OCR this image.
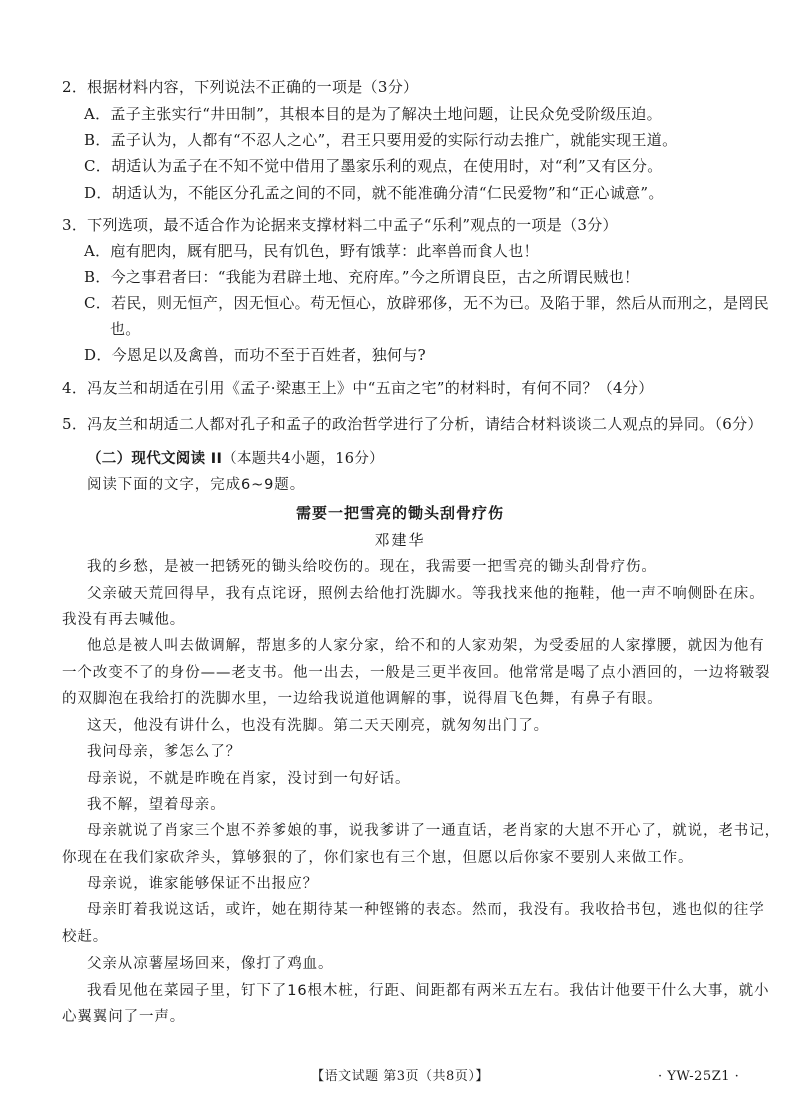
2．根据材料内容，下列说法不正确的一项是（3分）
A．孟子主张实行“井田制”，其根本目的是为了解决土地问题，让民众免受阶级压迫。
B．孟子认为，人都有“不忍人之心”，君王只要用爱的实际行动去推广，就能实现王道。
C．胡适认为孟子在不知不觉中借用了墨家乐利的观点，在使用时，对“利”又有区分。
D．胡适认为，不能区分孔孟之间的不同，就不能准确分清“仁民爱物”和“正心诚意”。
3．下列选项，最不适合作为论据来支撑材料二中孟子“乐利”观点的一项是（3分）
A．庖有肥肉，厩有肥马，民有饥色，野有饿莩：此率兽而食人也！
B．今之事君者曰：“我能为君辟土地、充府库。”今之所谓良臣，古之所谓民贼也！
C．若民，则无恒产，因无恒心。苟无恒心，放辟邪侈，无不为已。及陷于罪，然后从而刑之，是罔民
也。
D．今恩足以及禽兽，而功不至于百姓者，独何与?
4．冯友兰和胡适在引用《孟子·梁惠王上》中“五亩之宅”的材料时，有何不同？（4分）
5．冯友兰和胡适二人都对孔子和孟子的政治哲学进行了分析，请结合材料谈谈二人观点的异同。（6分）
（二）现代文阅读 II（本题共4小题，16分）
阅读下面的文字，完成6~9题。
需要一把雪亮的锄头刮骨疗伤
邓建华
我的乡愁，是被一把锈死的锄头给咬伤的。现在，我需要一把雪亮的锄头刮骨疗伤。
父亲破天荒回得早，我有点诧讶，照例去给他打洗脚水。等我找来他的拖鞋，他一声不响侧卧在床。
我没有再去喊他。
他总是被人叫去做调解，帮崽多的人家分家，给不和的人家劝架，为受委屈的人家撑腰，就因为他有
一个改变不了的身份——老支书。他一出去，一般是三更半夜回。他常常是喝了点小酒回的，一边将皲裂
的双脚泡在我给打的洗脚水里，一边给我说道他调解的事，说得眉飞色舞，有鼻子有眼。
这天，他没有讲什么，也没有洗脚。第二天天刚亮，就匆匆出门了。
我问母亲，爹怎么了？
母亲说，不就是昨晚在肖家，没讨到一句好话。
我不解，望着母亲。
母亲就说了肖家三个崽不养爹娘的事，说我爹讲了一通直话，老肖家的大崽不开心了，就说，老书记，
你现在在我们家砍斧头，算够狠的了，你们家也有三个崽，但愿以后你家不要别人来做工作。
母亲说，谁家能够保证不出报应？
母亲盯着我说这话，或许，她在期待某一种铿锵的表态。然而，我没有。我收拾书包，逃也似的往学
校赶。
父亲从凉薯屋场回来，像打了鸡血。
我看见他在菜园子里，钉下了16根木桩，行距、间距都有两米五左右。我估计他要干什么大事，就小
心翼翼问了一声。
【语文试题 第3页（共8页）】	· YW-25Z1 ·
